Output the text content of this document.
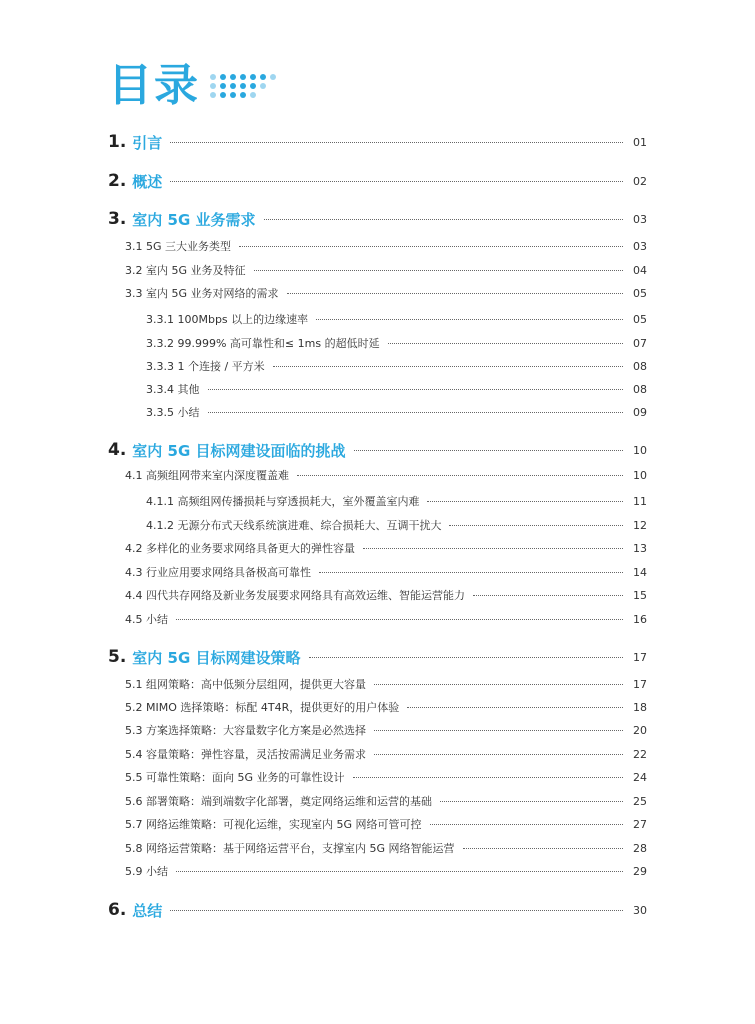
目录
1. 引言	01
2. 概述	02
3. 室内 5G 业务需求	03
3.1 5G 三大业务类型	03
3.2 室内 5G 业务及特征	04
3.3 室内 5G 业务对网络的需求	05
3.3.1 100Mbps 以上的边缘速率	05
3.3.2 99.999% 高可靠性和≤ 1ms 的超低时延	07
3.3.3 1 个连接 / 平方米	08
3.3.4 其他	08
3.3.5 小结	09
4. 室内 5G 目标网建设面临的挑战	10
4.1 高频组网带来室内深度覆盖难	10
4.1.1 高频组网传播损耗与穿透损耗大，室外覆盖室内难	11
4.1.2 无源分布式天线系统演进难、综合损耗大、互调干扰大	12
4.2 多样化的业务要求网络具备更大的弹性容量	13
4.3 行业应用要求网络具备极高可靠性	14
4.4 四代共存网络及新业务发展要求网络具有高效运维、智能运营能力	15
4.5 小结	16
5. 室内 5G 目标网建设策略	17
5.1 组网策略：高中低频分层组网，提供更大容量	17
5.2 MIMO 选择策略：标配 4T4R，提供更好的用户体验	18
5.3 方案选择策略：大容量数字化方案是必然选择	20
5.4 容量策略：弹性容量，灵活按需满足业务需求	22
5.5 可靠性策略：面向 5G 业务的可靠性设计	24
5.6 部署策略：端到端数字化部署，奠定网络运维和运营的基础	25
5.7 网络运维策略：可视化运维，实现室内 5G 网络可管可控	27
5.8 网络运营策略：基于网络运营平台，支撑室内 5G 网络智能运营	28
5.9 小结	29
6. 总结	30
